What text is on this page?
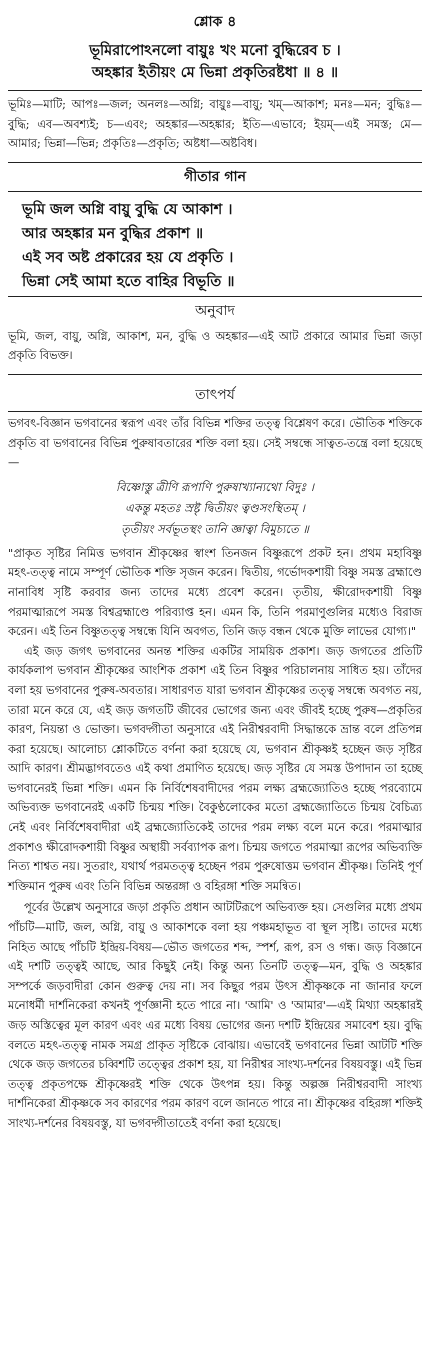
শ্লোক ৪

ভূমিরাপোঽনলো বায়ুঃ খং মনো বুদ্ধিরেব চ ।

অহঙ্কার ইতীয়ং মে ভিন্না প্রকৃতিরষ্টধা ॥ ৪ ॥

ভূমিঃ—মাটি; আপঃ—জল; অনলঃ—অগ্নি; বায়ুঃ—বায়ু; খম্—আকাশ; মনঃ—মন; বুদ্ধিঃ—বুদ্ধি; এব—অবশ্যই; চ—এবং; অহঙ্কার—অহঙ্কার; ইতি—এভাবে; ইয়ম্—এই সমস্ত; মে—আমার; ভিন্না—ভিন্ন; প্রকৃতিঃ—প্রকৃতি; অষ্টধা—অষ্টবিধ।

গীতার গান

ভূমি জল অগ্নি বায়ু বুদ্ধি যে আকাশ ।

আর অহঙ্কার মন বুদ্ধির প্রকাশ ॥

এই সব অষ্ট প্রকারের হয় যে প্রকৃতি ।

ভিন্না সেই আমা হতে বাহির বিভূতি ॥

অনুবাদ

ভূমি, জল, বায়ু, অগ্নি, আকাশ, মন, বুদ্ধি ও অহঙ্কার—এই আট প্রকারে আমার ভিন্না জড়া প্রকৃতি বিভক্ত।

তাৎপর্য

ভগবৎ-বিজ্ঞান ভগবানের স্বরূপ এবং তাঁর বিভিন্ন শক্তির তত্ত্ব বিশ্লেষণ করে। ভৌতিক শক্তিকে প্রকৃতি বা ভগবানের বিভিন্ন পুরুষাবতারের শক্তি বলা হয়। সেই সম্বন্ধে সাত্বত-তন্ত্রে বলা হয়েছে—

বিষ্ণোস্তু ত্রীণি রূপাণি পুরুষাখ্যান্যথো বিদুঃ ।

একন্তু মহতঃ স্রষ্টৃ দ্বিতীয়ং ত্বণ্ডসংস্থিতম্ ।

তৃতীয়ং সর্বভূতস্থং তানি জ্ঞাত্বা বিমুচ্যতে ॥

"প্রাকৃত সৃষ্টির নিমিত্ত ভগবান শ্রীকৃষ্ণের স্বাংশ তিনজন বিষ্ণুরূপে প্রকট হন। প্রথম মহাবিষ্ণু মহৎ-তত্ত্ব নামে সম্পূর্ণ ভৌতিক শক্তি সৃজন করেন। দ্বিতীয়, গর্ভোদকশায়ী বিষ্ণু সমস্ত ব্রহ্মাণ্ডে নানাবিধ সৃষ্টি করবার জন্য তাদের মধ্যে প্রবেশ করেন। তৃতীয়, ক্ষীরোদকশায়ী বিষ্ণু পরমাত্মারূপে সমস্ত বিশ্বব্রহ্মাণ্ডে পরিব্যাপ্ত হন। এমন কি, তিনি পরমাণুগুলির মধ্যেও বিরাজ করেন। এই তিন বিষ্ণুতত্ত্ব সম্বন্ধে যিনি অবগত, তিনি জড় বন্ধন থেকে মুক্তি লাভের যোগ্য।"

এই জড় জগৎ ভগবানের অনন্ত শক্তির একটির সাময়িক প্রকাশ। জড় জগতের প্রতিটি কার্যকলাপ ভগবান শ্রীকৃষ্ণের আংশিক প্রকাশ এই তিন বিষ্ণুর পরিচালনায় সাধিত হয়। তাঁদের বলা হয় ভগবানের পুরুষ-অবতার। সাধারণত যারা ভগবান শ্রীকৃষ্ণের তত্ত্ব সম্বন্ধে অবগত নয়, তারা মনে করে যে, এই জড় জগতটি জীবের ভোগের জন্য এবং জীবই হচ্ছে পুরুষ—প্রকৃতির কারণ, নিয়ন্তা ও ভোক্তা। ভগবদ্গীতা অনুসারে এই নিরীশ্বরবাদী সিদ্ধান্তকে ভ্রান্ত বলে প্রতিপন্ন করা হয়েছে। আলোচ্য শ্লোকটিতে বর্ণনা করা হয়েছে যে, ভগবান শ্রীকৃষ্ণই হচ্ছেন জড় সৃষ্টির আদি কারণ। শ্রীমদ্ভাগবতেও এই কথা প্রমাণিত হয়েছে। জড় সৃষ্টির যে সমস্ত উপাদান তা হচ্ছে ভগবানেরই ভিন্না শক্তি। এমন কি নির্বিশেষবাদীদের পরম লক্ষ্য ব্রহ্মজ্যোতিও হচ্ছে পরব্যোমে অভিব্যক্ত ভগবানেরই একটি চিন্ময় শক্তি। বৈকুণ্ঠলোকের মতো ব্রহ্মজ্যোতিতে চিন্ময় বৈচিত্র্য নেই এবং নির্বিশেষবাদীরা এই ব্রহ্মজ্যোতিকেই তাদের পরম লক্ষ্য বলে মনে করে। পরমাত্মার প্রকাশও ক্ষীরোদকশায়ী বিষ্ণুর অস্থায়ী সর্বব্যাপক রূপ। চিন্ময় জগতে পরমাত্মা রূপের অভিব্যক্তি নিত্য শাশ্বত নয়। সুতরাং, যথার্থ পরমতত্ত্ব হচ্ছেন পরম পুরুষোত্তম ভগবান শ্রীকৃষ্ণ। তিনিই পূর্ণ শক্তিমান পুরুষ এবং তিনি বিভিন্ন অন্তরঙ্গা ও বহিরঙ্গা শক্তি সমন্বিত।

পূর্বের উল্লেখ অনুসারে জড়া প্রকৃতি প্রধান আটটিরূপে অভিব্যক্ত হয়। সেগুলির মধ্যে প্রথম পাঁচটি—মাটি, জল, অগ্নি, বায়ু ও আকাশকে বলা হয় পঞ্চমহাভূত বা স্থূল সৃষ্টি। তাদের মধ্যে নিহিত আছে পাঁচটি ইন্দ্রিয়-বিষয়—ভৌত জগতের শব্দ, স্পর্শ, রূপ, রস ও গন্ধ। জড় বিজ্ঞানে এই দশটি তত্ত্বই আছে, আর কিছুই নেই। কিন্তু অন্য তিনটি তত্ত্ব—মন, বুদ্ধি ও অহঙ্কার সম্পর্কে জড়বাদীরা কোন গুরুত্ব দেয় না। সব কিছুর পরম উৎস শ্রীকৃষ্ণকে না জানার ফলে মনোধর্মী দার্শনিকেরা কখনই পূর্ণজ্ঞানী হতে পারে না। 'আমি' ও 'আমার'—এই মিথ্যা অহঙ্কারই জড় অস্তিত্বের মূল কারণ এবং এর মধ্যে বিষয় ভোগের জন্য দশটি ইন্দ্রিয়ের সমাবেশ হয়। বুদ্ধি বলতে মহৎ-তত্ত্ব নামক সমগ্র প্রাকৃত সৃষ্টিকে বোঝায়। এভাবেই ভগবানের ভিন্না আটটি শক্তি থেকে জড় জগতের চব্বিশটি তত্ত্বের প্রকাশ হয়, যা নিরীশ্বর সাংখ্য-দর্শনের বিষয়বস্তু। এই ভিন্ন তত্ত্ব প্রকৃতপক্ষে শ্রীকৃষ্ণেরই শক্তি থেকে উৎপন্ন হয়। কিন্তু অল্পজ্ঞ নিরীশ্বরবাদী সাংখ্য দার্শনিকেরা শ্রীকৃষ্ণকে সব কারণের পরম কারণ বলে জানতে পারে না। শ্রীকৃষ্ণের বহিরঙ্গা শক্তিই সাংখ্য-দর্শনের বিষয়বস্তু, যা ভগবদ্গীতাতেই বর্ণনা করা হয়েছে।
